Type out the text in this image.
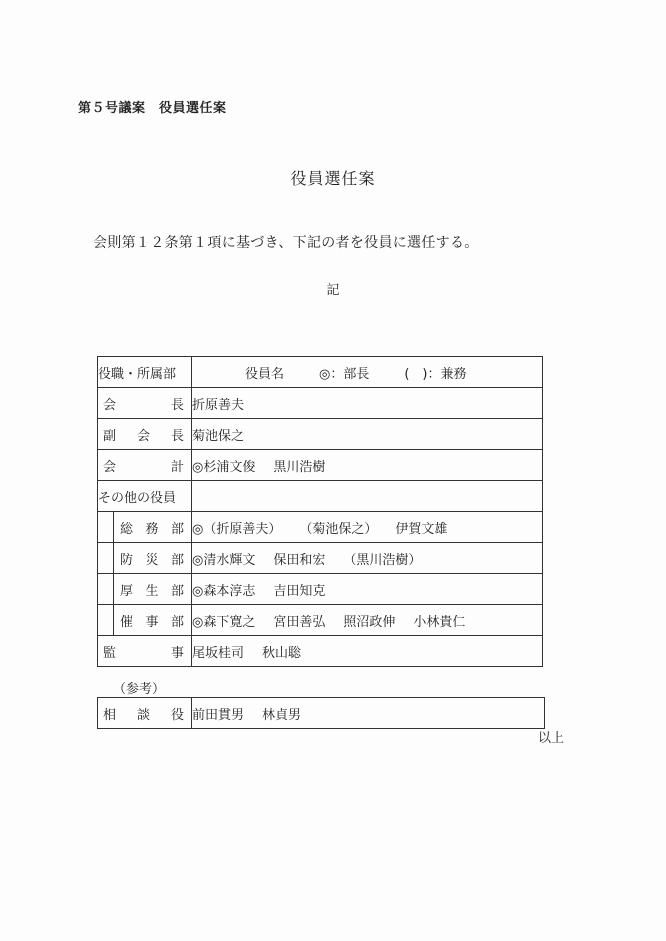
第５号議案　役員選任案
役員選任案
会則第１２条第１項に基づき、下記の者を役員に選任する。
記
役職・所属部	役員名 ◎：部長 (　)：兼務

会 長	折原善夫

副 会 長	菊池保之

会 計	◎杉浦文俊 黒川浩樹
その他の役員	

総 務 部	◎（折原善夫） （菊池保之） 伊賀文雄

防 災 部	◎清水輝文 保田和宏 （黒川浩樹）

厚 生 部	◎森本淳志 吉田知克

催 事 部	◎森下寛之 宮田善弘 照沼政伸 小林貴仁

監 事	尾坂桂司 秋山聡
（参考）
相 談 役	前田貫男 林貞男
以上
